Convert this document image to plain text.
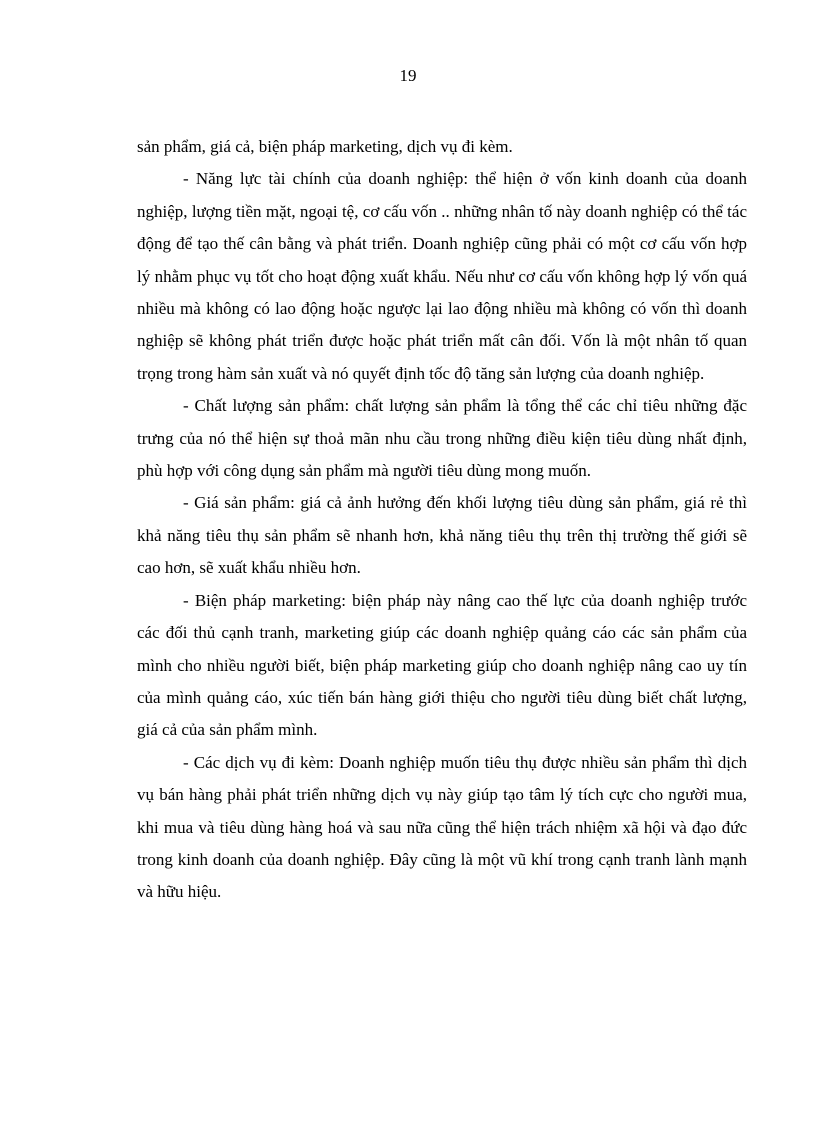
19

sản phẩm, giá cả, biện pháp marketing, dịch vụ đi kèm.

- Năng lực tài chính của doanh nghiệp: thể hiện ở vốn kinh doanh của doanh nghiệp, lượng tiền mặt, ngoại tệ, cơ cấu vốn .. những nhân tố này doanh nghiệp có thể tác động để tạo thế cân bằng và phát triển. Doanh nghiệp cũng phải có một cơ cấu vốn hợp lý nhằm phục vụ tốt cho hoạt động xuất khẩu. Nếu như cơ cấu vốn không hợp lý vốn quá nhiều mà không có lao động hoặc ngược lại lao động nhiều mà không có vốn thì doanh nghiệp sẽ không phát triển được hoặc phát triển mất cân đối. Vốn là một nhân tố quan trọng trong hàm sản xuất và nó quyết định tốc độ tăng sản lượng của doanh nghiệp.

- Chất lượng sản phẩm: chất lượng sản phẩm là tổng thể các chỉ tiêu những đặc trưng của nó thể hiện sự thoả mãn nhu cầu trong những điều kiện tiêu dùng nhất định, phù hợp với công dụng sản phẩm mà người tiêu dùng mong muốn.

- Giá sản phẩm: giá cả ảnh hưởng đến khối lượng tiêu dùng sản phẩm, giá rẻ thì khả năng tiêu thụ sản phẩm sẽ nhanh hơn, khả năng tiêu thụ trên thị trường thế giới sẽ cao hơn, sẽ xuất khẩu nhiều hơn.

- Biện pháp marketing: biện pháp này nâng cao thế lực của doanh nghiệp trước các đối thủ cạnh tranh, marketing giúp các doanh nghiệp quảng cáo các sản phẩm của mình cho nhiều người biết, biện pháp marketing giúp cho doanh nghiệp nâng cao uy tín của mình quảng cáo, xúc tiến bán hàng giới thiệu cho người tiêu dùng biết chất lượng, giá cả của sản phẩm mình.

- Các dịch vụ đi kèm: Doanh nghiệp muốn tiêu thụ được nhiều sản phẩm thì dịch vụ bán hàng phải phát triển những dịch vụ này giúp tạo tâm lý tích cực cho người mua, khi mua và tiêu dùng hàng hoá và sau nữa cũng thể hiện trách nhiệm xã hội và đạo đức trong kinh doanh của doanh nghiệp. Đây cũng là một vũ khí trong cạnh tranh lành mạnh và hữu hiệu.
